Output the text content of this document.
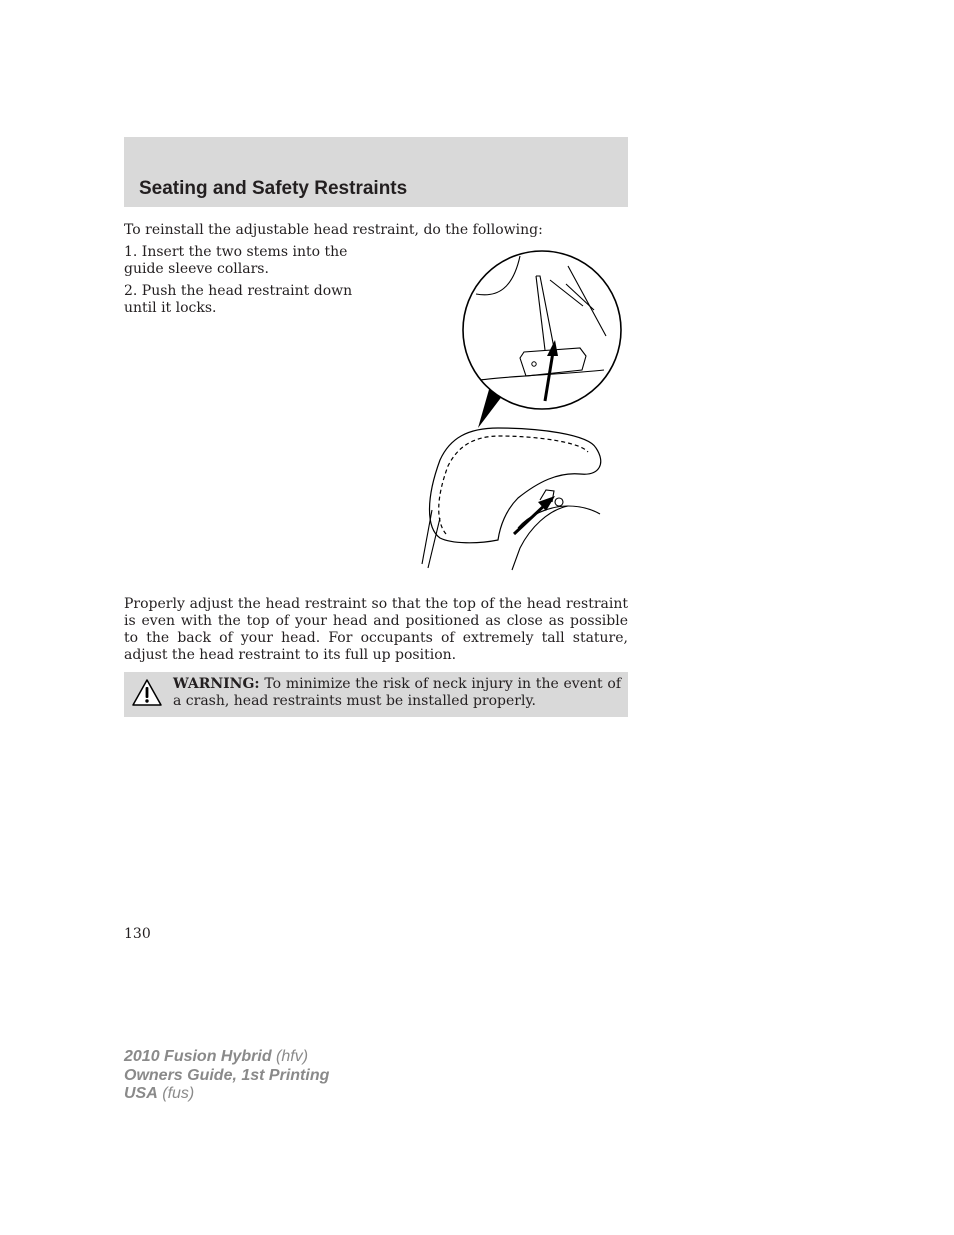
Seating and Safety Restraints

To reinstall the adjustable head restraint, do the following:

1. Insert the two stems into the guide sleeve collars.

2. Push the head restraint down until it locks.

Properly adjust the head restraint so that the top of the head restraint is even with the top of your head and positioned as close as possible to the back of your head. For occupants of extremely tall stature, adjust the head restraint to its full up position.

WARNING: To minimize the risk of neck injury in the event of a crash, head restraints must be installed properly.

130

2010 Fusion Hybrid (hfv)
Owners Guide, 1st Printing
USA (fus)
